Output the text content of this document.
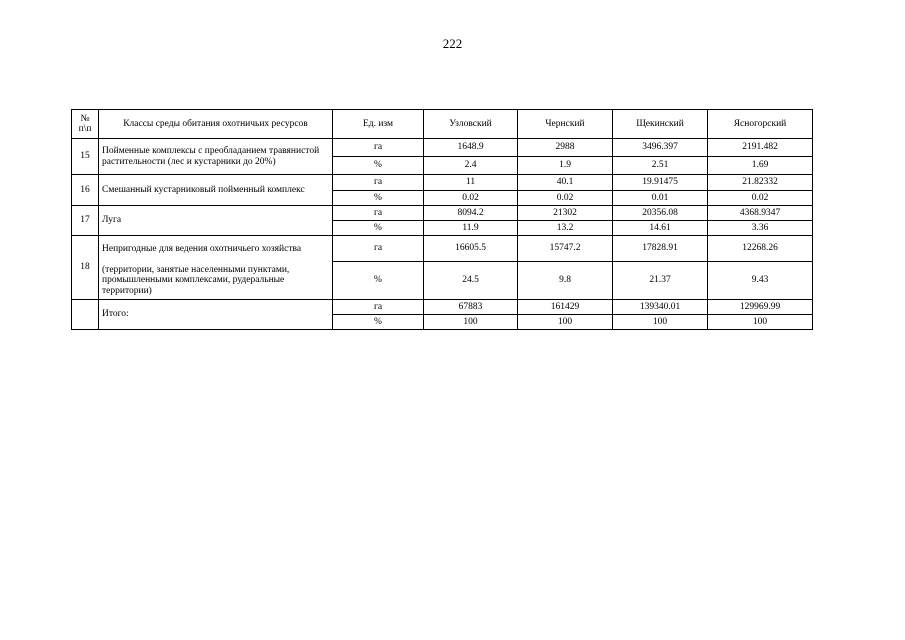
222
№ п\п	Классы среды обитания охотничьих ресурсов	Ед. изм	Узловский	Чернский	Щекинский	Ясногорский
15	Пойменные комплексы с преобладанием травянистой растительности (лес и кустарники до 20%)	га	1648.9	2988	3496.397	2191.482
		%	2.4	1.9	2.51	1.69
16	Смешанный кустарниковый пойменный комплекс	га	11	40.1	19.91475	21.82332
		%	0.02	0.02	0.01	0.02
17	Луга	га	8094.2	21302	20356.08	4368.9347
		%	11.9	13.2	14.61	3.36
18	Непригодные для ведения охотничьего хозяйства	га	16605.5	15747.2	17828.91	12268.26
	(территории, занятые населенными пунктами, промышленными комплексами, рудеральные территории)	%	24.5	9.8	21.37	9.43
	Итого:	га	67883	161429	139340.01	129969.99
		%	100	100	100	100
